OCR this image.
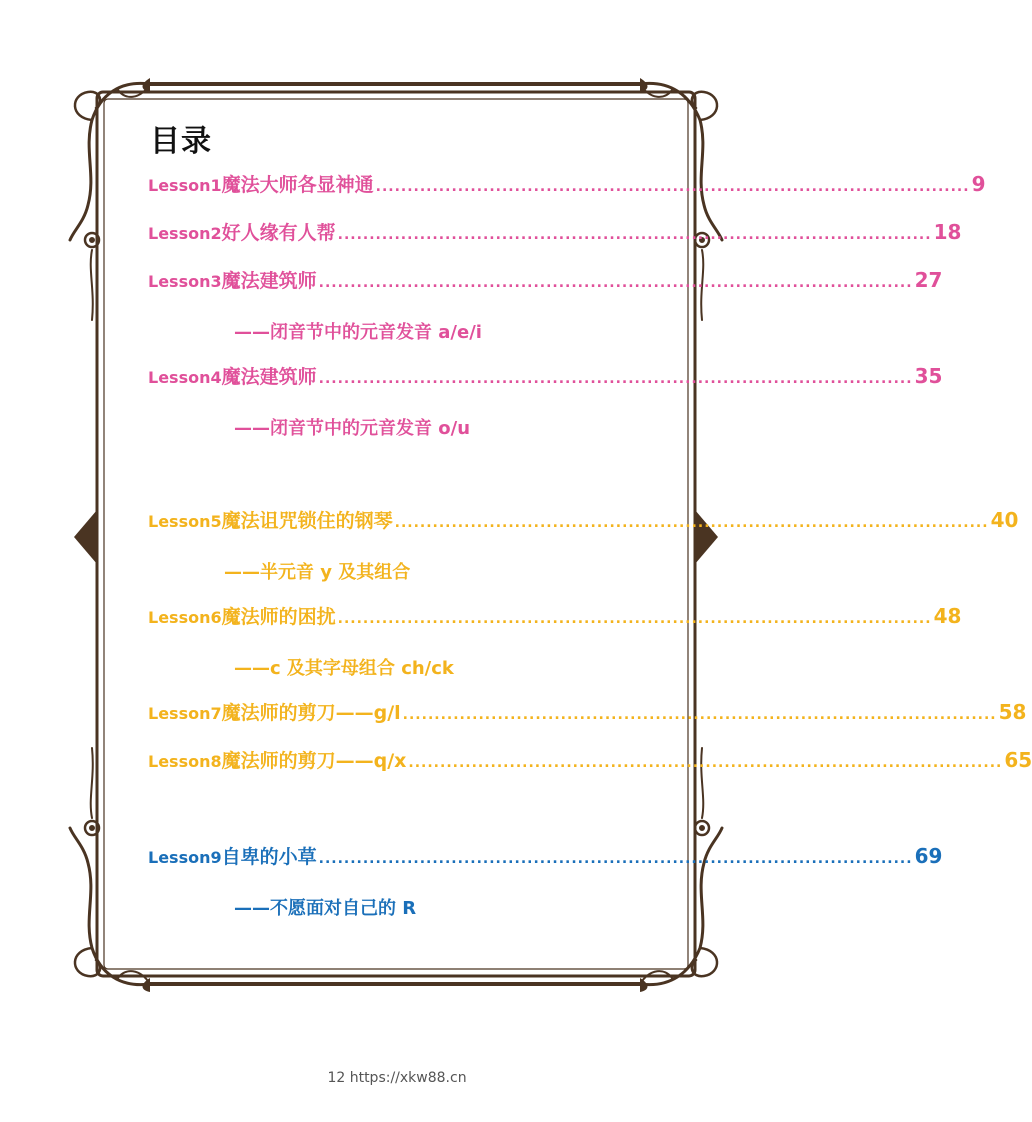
目录
Lesson1 魔法大师各显神通 .............................................................................................. 9
Lesson2 好人缘有人帮 .............................................................................................. 18
Lesson3 魔法建筑师 .............................................................................................. 27
——闭音节中的元音发音 a/e/i
Lesson4 魔法建筑师 .............................................................................................. 35
——闭音节中的元音发音 o/u
Lesson5 魔法诅咒锁住的钢琴 .............................................................................................. 40
——半元音 y 及其组合
Lesson6 魔法师的困扰 .............................................................................................. 48
——c 及其字母组合 ch/ck
Lesson7 魔法师的剪刀——g/l .............................................................................................. 58
Lesson8 魔法师的剪刀——q/x .............................................................................................. 65
Lesson9 自卑的小草 .............................................................................................. 69
——不愿面对自己的 R
12 https://xkw88.cn
